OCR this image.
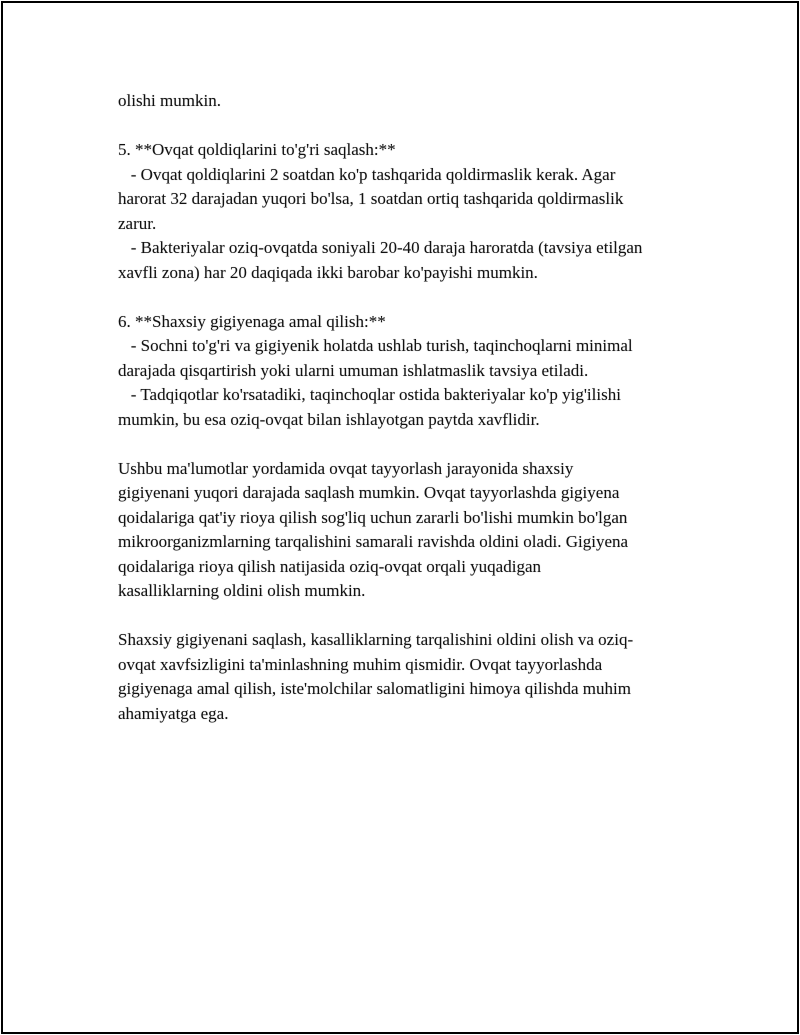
olishi mumkin.
5. **Ovqat qoldiqlarini to'g'ri saqlash:**
- Ovqat qoldiqlarini 2 soatdan ko'p tashqarida qoldirmaslik kerak. Agar
harorat 32 darajadan yuqori bo'lsa, 1 soatdan ortiq tashqarida qoldirmaslik
zarur.
- Bakteriyalar oziq-ovqatda soniyali 20-40 daraja haroratda (tavsiya etilgan
xavfli zona) har 20 daqiqada ikki barobar ko'payishi mumkin.
6. **Shaxsiy gigiyenaga amal qilish:**
- Sochni to'g'ri va gigiyenik holatda ushlab turish, taqinchoqlarni minimal
darajada qisqartirish yoki ularni umuman ishlatmaslik tavsiya etiladi.
- Tadqiqotlar ko'rsatadiki, taqinchoqlar ostida bakteriyalar ko'p yig'ilishi
mumkin, bu esa oziq-ovqat bilan ishlayotgan paytda xavflidir.
Ushbu ma'lumotlar yordamida ovqat tayyorlash jarayonida shaxsiy
gigiyenani yuqori darajada saqlash mumkin. Ovqat tayyorlashda gigiyena
qoidalariga qat'iy rioya qilish sog'liq uchun zararli bo'lishi mumkin bo'lgan
mikroorganizmlarning tarqalishini samarali ravishda oldini oladi. Gigiyena
qoidalariga rioya qilish natijasida oziq-ovqat orqali yuqadigan
kasalliklarning oldini olish mumkin.
Shaxsiy gigiyenani saqlash, kasalliklarning tarqalishini oldini olish va oziq-
ovqat xavfsizligini ta'minlashning muhim qismidir. Ovqat tayyorlashda
gigiyenaga amal qilish, iste'molchilar salomatligini himoya qilishda muhim
ahamiyatga ega.
